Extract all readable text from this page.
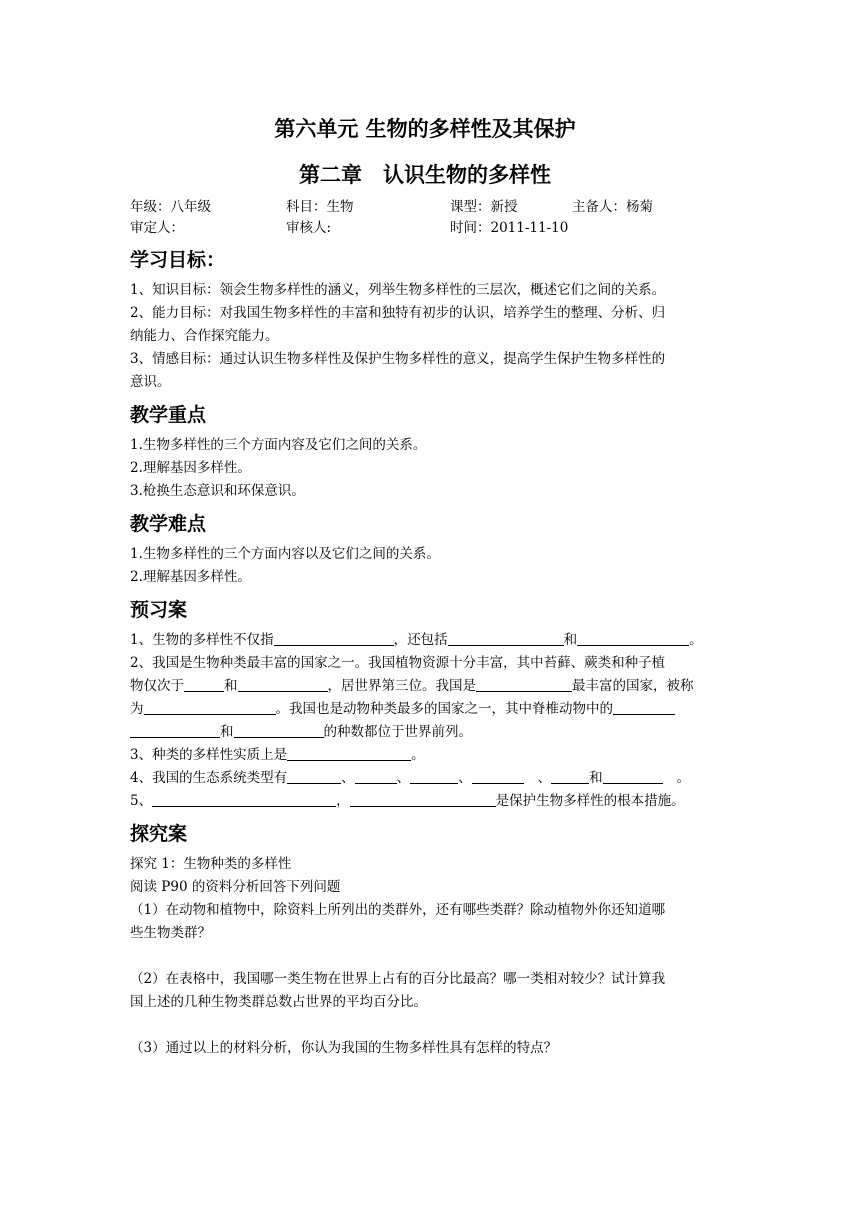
第六单元 生物的多样性及其保护
第二章　认识生物的多样性
年级：八年级	科目：生物	课型：新授	主备人：杨菊
审定人：	审核人:	时间：2011-11-10
学习目标：
1、知识目标：领会生物多样性的涵义，列举生物多样性的三层次，概述它们之间的关系。
2、能力目标：对我国生物多样性的丰富和独特有初步的认识，培养学生的整理、分析、归
纳能力、合作探究能力。
3、情感目标：通过认识生物多样性及保护生物多样性的意义，提高学生保护生物多样性的
意识。
教学重点
1.生物多样性的三个方面内容及它们之间的关系。
2.理解基因多样性。
3.枪换生态意识和环保意识。
教学难点
1.生物多样性的三个方面内容以及它们之间的关系。
2.理解基因多样性。
预习案
1、生物的多样性不仅指	，还包括	和	。
2、我国是生物种类最丰富的国家之一。我国植物资源十分丰富，其中苔藓、蕨类和种子植
物仅次于	和	，居世界第三位。我国是	最丰富的国家，被称
为	。我国也是动物种类最多的国家之一，其中脊椎动物中的
和	的种数都位于世界前列。
3、种类的多样性实质上是	。
4、我国的生态系统类型有	、	、	、	、	和	。
5、	，	是保护生物多样性的根本措施。
探究案
探究 1：生物种类的多样性
阅读 P90 的资料分析回答下列问题
（1）在动物和植物中，除资料上所列出的类群外，还有哪些类群？除动植物外你还知道哪
些生物类群？
（2）在表格中，我国哪一类生物在世界上占有的百分比最高？哪一类相对较少？试计算我
国上述的几种生物类群总数占世界的平均百分比。
（3）通过以上的材料分析，你认为我国的生物多样性具有怎样的特点？
